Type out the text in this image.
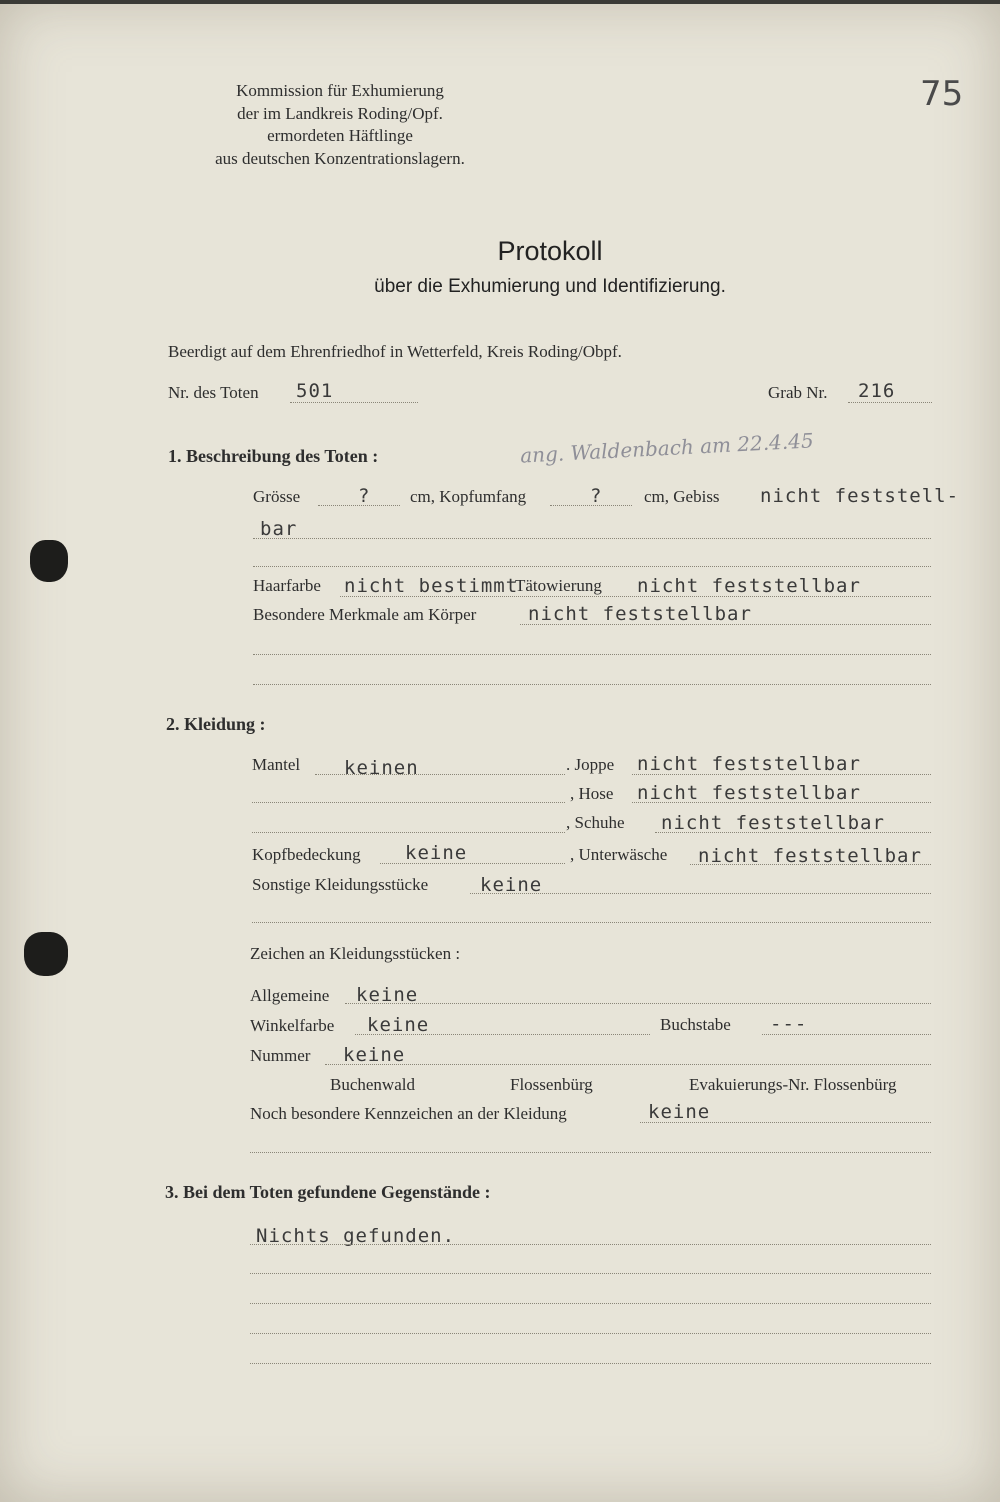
Kommission für Exhumierung
der im Landkreis Roding/Opf.
ermordeten Häftlinge
aus deutschen Konzentrationslagern.
75
Protokoll
über die Exhumierung und Identifizierung.
Beerdigt auf dem Ehrenfriedhof in Wetterfeld, Kreis Roding/Obpf.
Nr. des Toten 501	Grab Nr. 216
1. Beschreibung des Toten :	ang. Waldenbach am 22.4.45
Grösse	? cm, Kopfumfang	? cm, Gebiss nicht feststell-
bar
Haarfarbe nicht bestimmt
Tätowierung nicht feststellbar
Besondere Merkmale am Körper	nicht feststellbar
2. Kleidung :
Mantel keinen	. Joppe nicht feststellbar
, Hose nicht feststellbar
, Schuhe nicht feststellbar
Kopfbedeckung keine	, Unterwäsche nicht feststellbar
Sonstige Kleidungsstücke	keine
Zeichen an Kleidungsstücken :
Allgemeine keine
Winkelfarbe keine	Buchstabe ---
Nummer keine
Buchenwald	Flossenbürg	Evakuierungs-Nr. Flossenbürg
Noch besondere Kennzeichen an der Kleidung	keine
3. Bei dem Toten gefundene Gegenstände :
Nichts gefunden.
